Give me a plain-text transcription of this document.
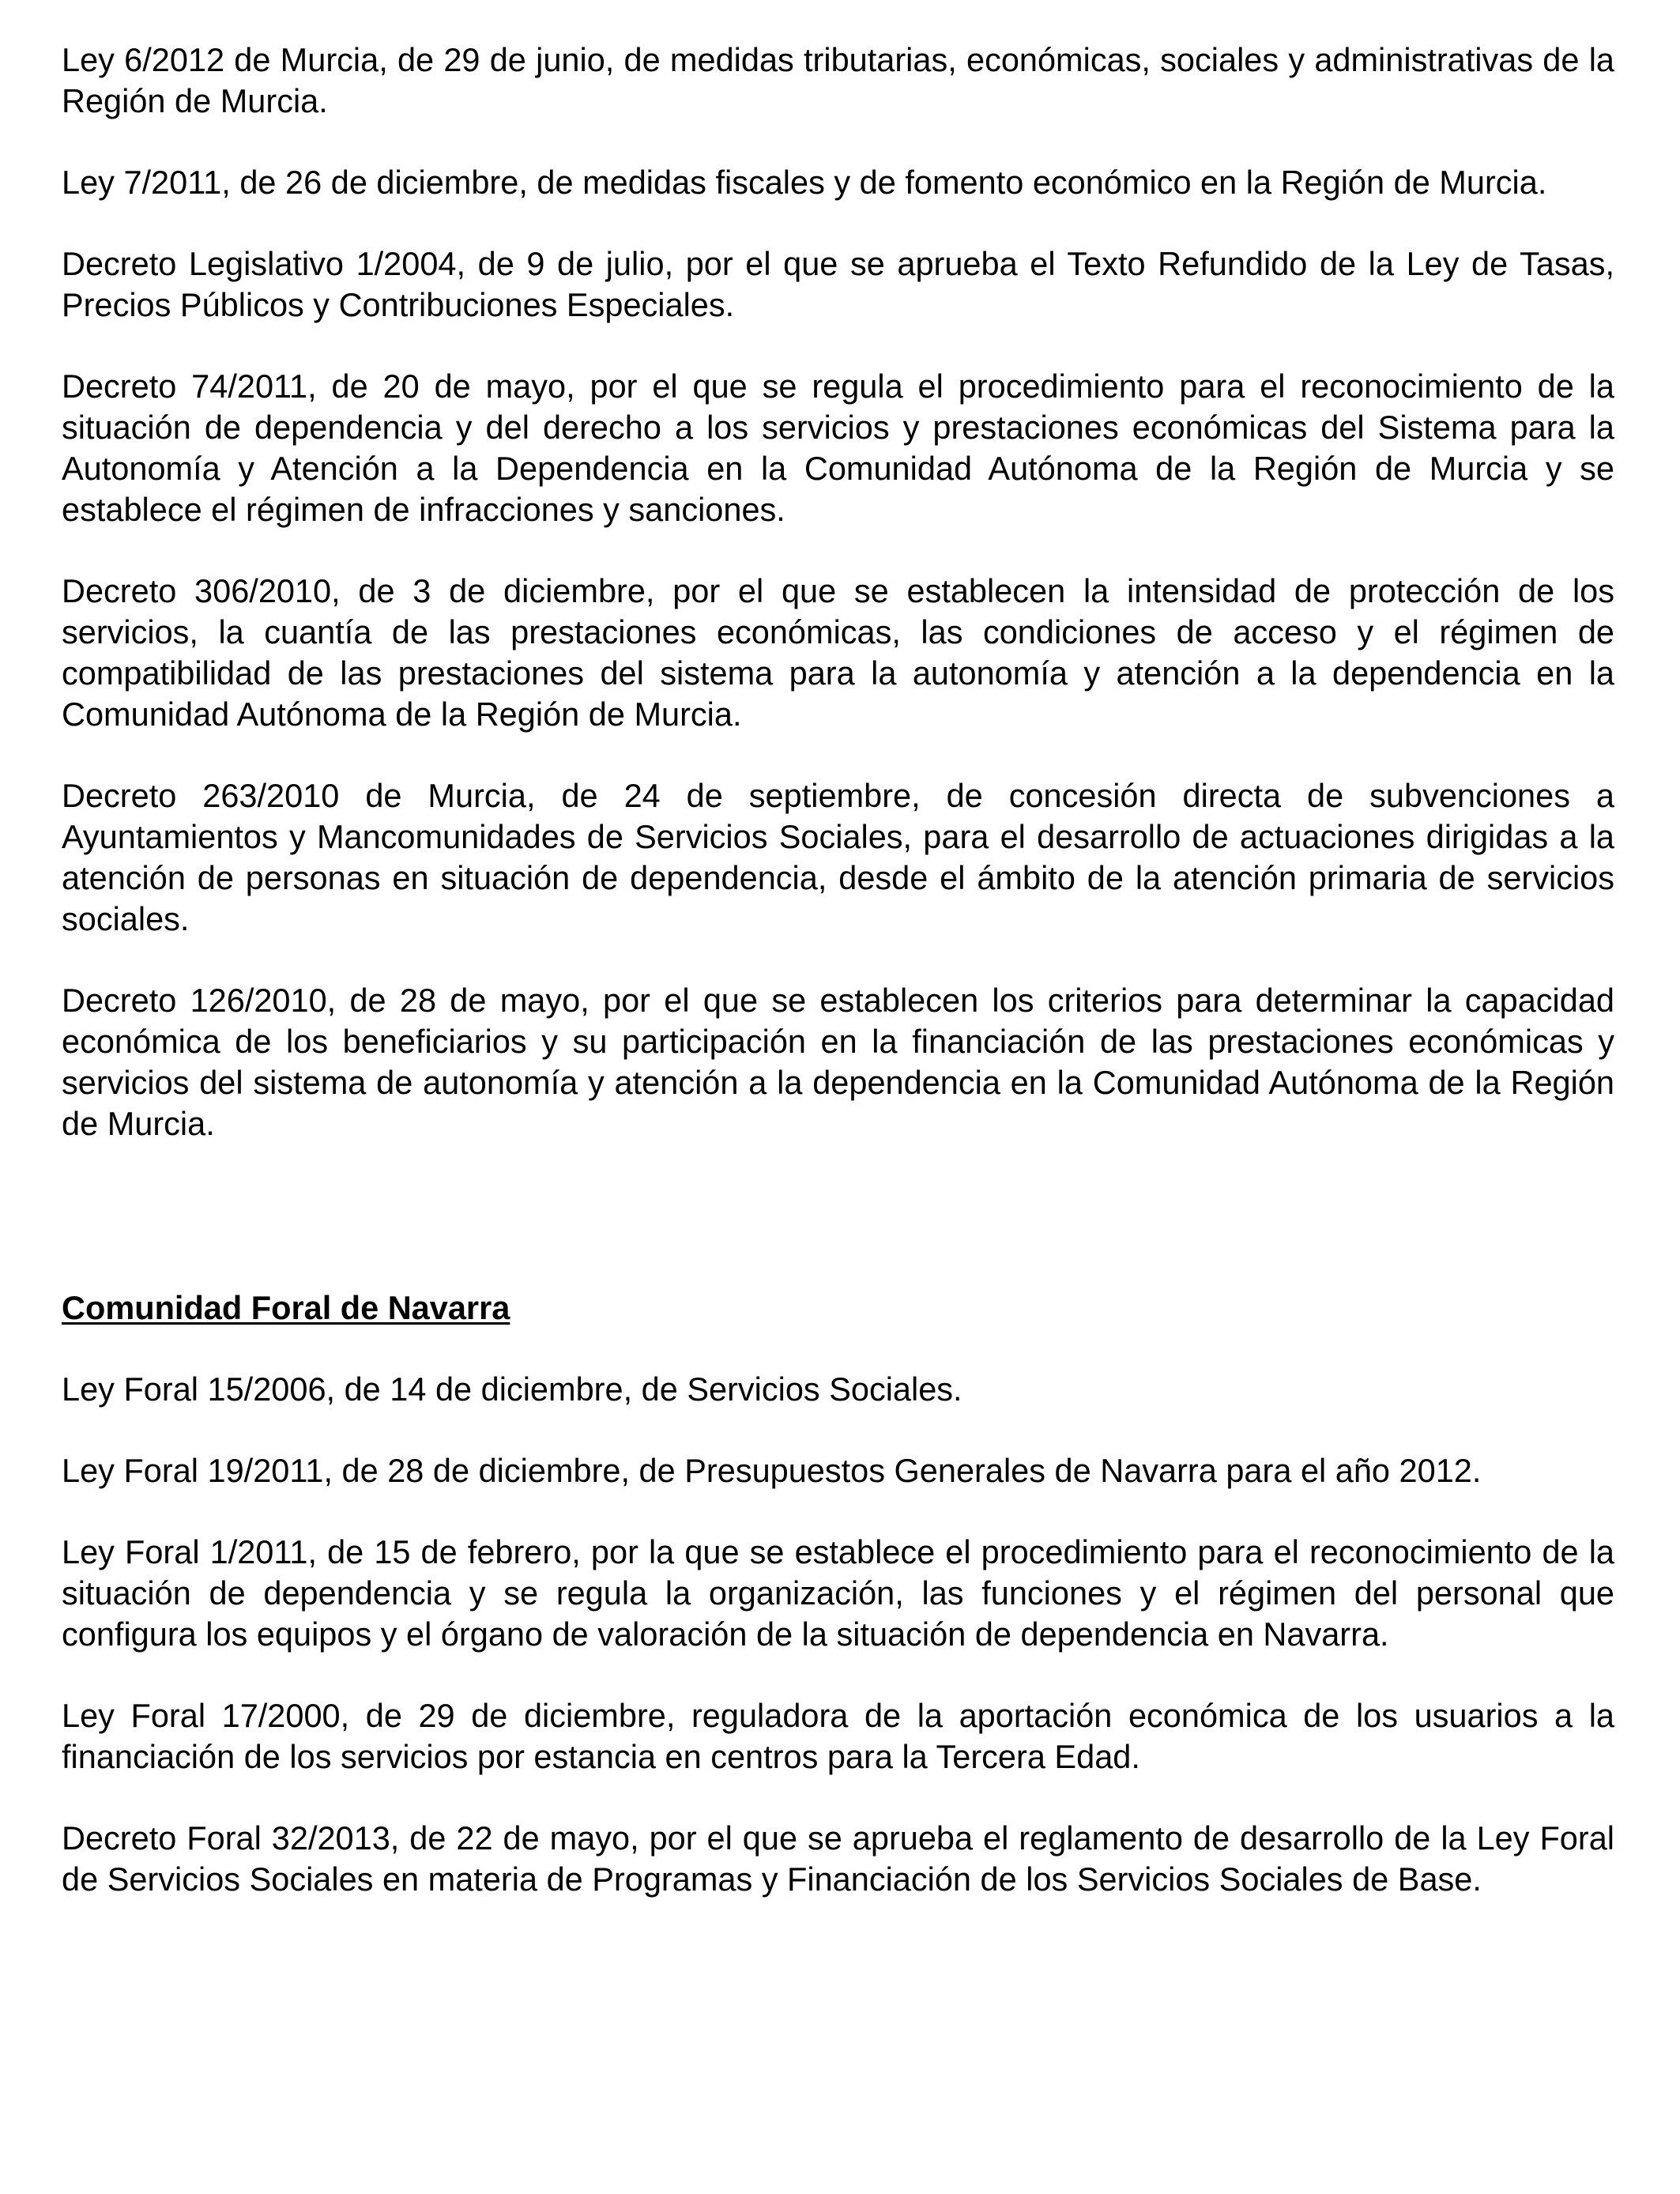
Ley 6/2012 de Murcia, de 29 de junio, de medidas tributarias, económicas, sociales y administrativas de la Región de Murcia.

Ley 7/2011, de 26 de diciembre, de medidas fiscales y de fomento económico en la Región de Murcia.

Decreto Legislativo 1/2004, de 9 de julio, por el que se aprueba el Texto Refundido de la Ley de Tasas, Precios Públicos y Contribuciones Especiales.

Decreto 74/2011, de 20 de mayo, por el que se regula el procedimiento para el reconocimiento de la situación de dependencia y del derecho a los servicios y prestaciones económicas del Sistema para la Autonomía y Atención a la Dependencia en la Comunidad Autónoma de la Región de Murcia y se establece el régimen de infracciones y sanciones.

Decreto 306/2010, de 3 de diciembre, por el que se establecen la intensidad de protección de los servicios, la cuantía de las prestaciones económicas, las condiciones de acceso y el régimen de compatibilidad de las prestaciones del sistema para la autonomía y atención a la dependencia en la Comunidad Autónoma de la Región de Murcia.

Decreto 263/2010 de Murcia, de 24 de septiembre, de concesión directa de subvenciones a Ayuntamientos y Mancomunidades de Servicios Sociales, para el desarrollo de actuaciones dirigidas a la atención de personas en situación de dependencia, desde el ámbito de la atención primaria de servicios sociales.

Decreto 126/2010, de 28 de mayo, por el que se establecen los criterios para determinar la capacidad económica de los beneficiarios y su participación en la financiación de las prestaciones económicas y servicios del sistema de autonomía y atención a la dependencia en la Comunidad Autónoma de la Región de Murcia.

Comunidad Foral de Navarra

Ley Foral 15/2006, de 14 de diciembre, de Servicios Sociales.

Ley Foral 19/2011, de 28 de diciembre, de Presupuestos Generales de Navarra para el año 2012.

Ley Foral 1/2011, de 15 de febrero, por la que se establece el procedimiento para el reconocimiento de la situación de dependencia y se regula la organización, las funciones y el régimen del personal que configura los equipos y el órgano de valoración de la situación de dependencia en Navarra.

Ley Foral 17/2000, de 29 de diciembre, reguladora de la aportación económica de los usuarios a la financiación de los servicios por estancia en centros para la Tercera Edad.

Decreto Foral 32/2013, de 22 de mayo, por el que se aprueba el reglamento de desarrollo de la Ley Foral de Servicios Sociales en materia de Programas y Financiación de los Servicios Sociales de Base.
